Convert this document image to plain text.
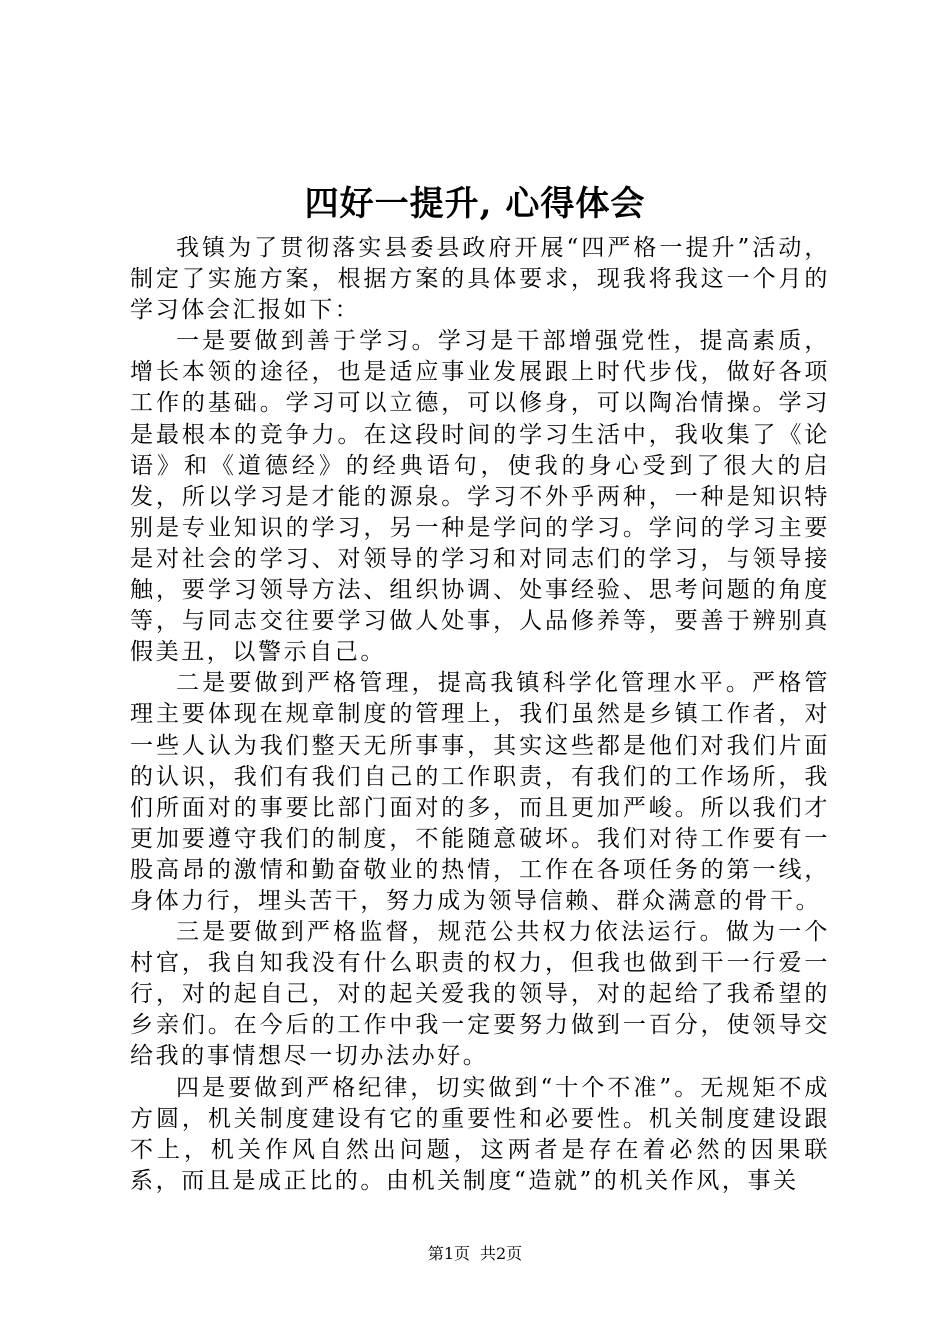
四好一提升, 心得体会

我镇为了贯彻落实县委县政府开展“四严格一提升”活动，制定了实施方案，根据方案的具体要求，现我将我这一个月的学习体会汇报如下：

一是要做到善于学习。学习是干部增强党性，提高素质，增长本领的途径，也是适应事业发展跟上时代步伐，做好各项工作的基础。学习可以立德，可以修身，可以陶冶情操。学习是最根本的竞争力。在这段时间的学习生活中，我收集了《论语》和《道德经》的经典语句，使我的身心受到了很大的启发，所以学习是才能的源泉。学习不外乎两种，一种是知识特别是专业知识的学习，另一种是学问的学习。学问的学习主要是对社会的学习、对领导的学习和对同志们的学习，与领导接触，要学习领导方法、组织协调、处事经验、思考问题的角度等，与同志交往要学习做人处事，人品修养等，要善于辨别真假美丑，以警示自己。

二是要做到严格管理，提高我镇科学化管理水平。严格管理主要体现在规章制度的管理上，我们虽然是乡镇工作者，对一些人认为我们整天无所事事，其实这些都是他们对我们片面的认识，我们有我们自己的工作职责，有我们的工作场所，我们所面对的事要比部门面对的多，而且更加严峻。所以我们才更加要遵守我们的制度，不能随意破坏。我们对待工作要有一股高昂的激情和勤奋敬业的热情，工作在各项任务的第一线，身体力行，埋头苦干，努力成为领导信赖、群众满意的骨干。

三是要做到严格监督，规范公共权力依法运行。做为一个村官，我自知我没有什么职责的权力，但我也做到干一行爱一行，对的起自己，对的起关爱我的领导，对的起给了我希望的乡亲们。在今后的工作中我一定要努力做到一百分，使领导交给我的事情想尽一切办法办好。

四是要做到严格纪律，切实做到“十个不准”。无规矩不成方圆，机关制度建设有它的重要性和必要性。机关制度建设跟不上，机关作风自然出问题，这两者是存在着必然的因果联系，而且是成正比的。由机关制度“造就”的机关作风，事关

第1页 共2页
